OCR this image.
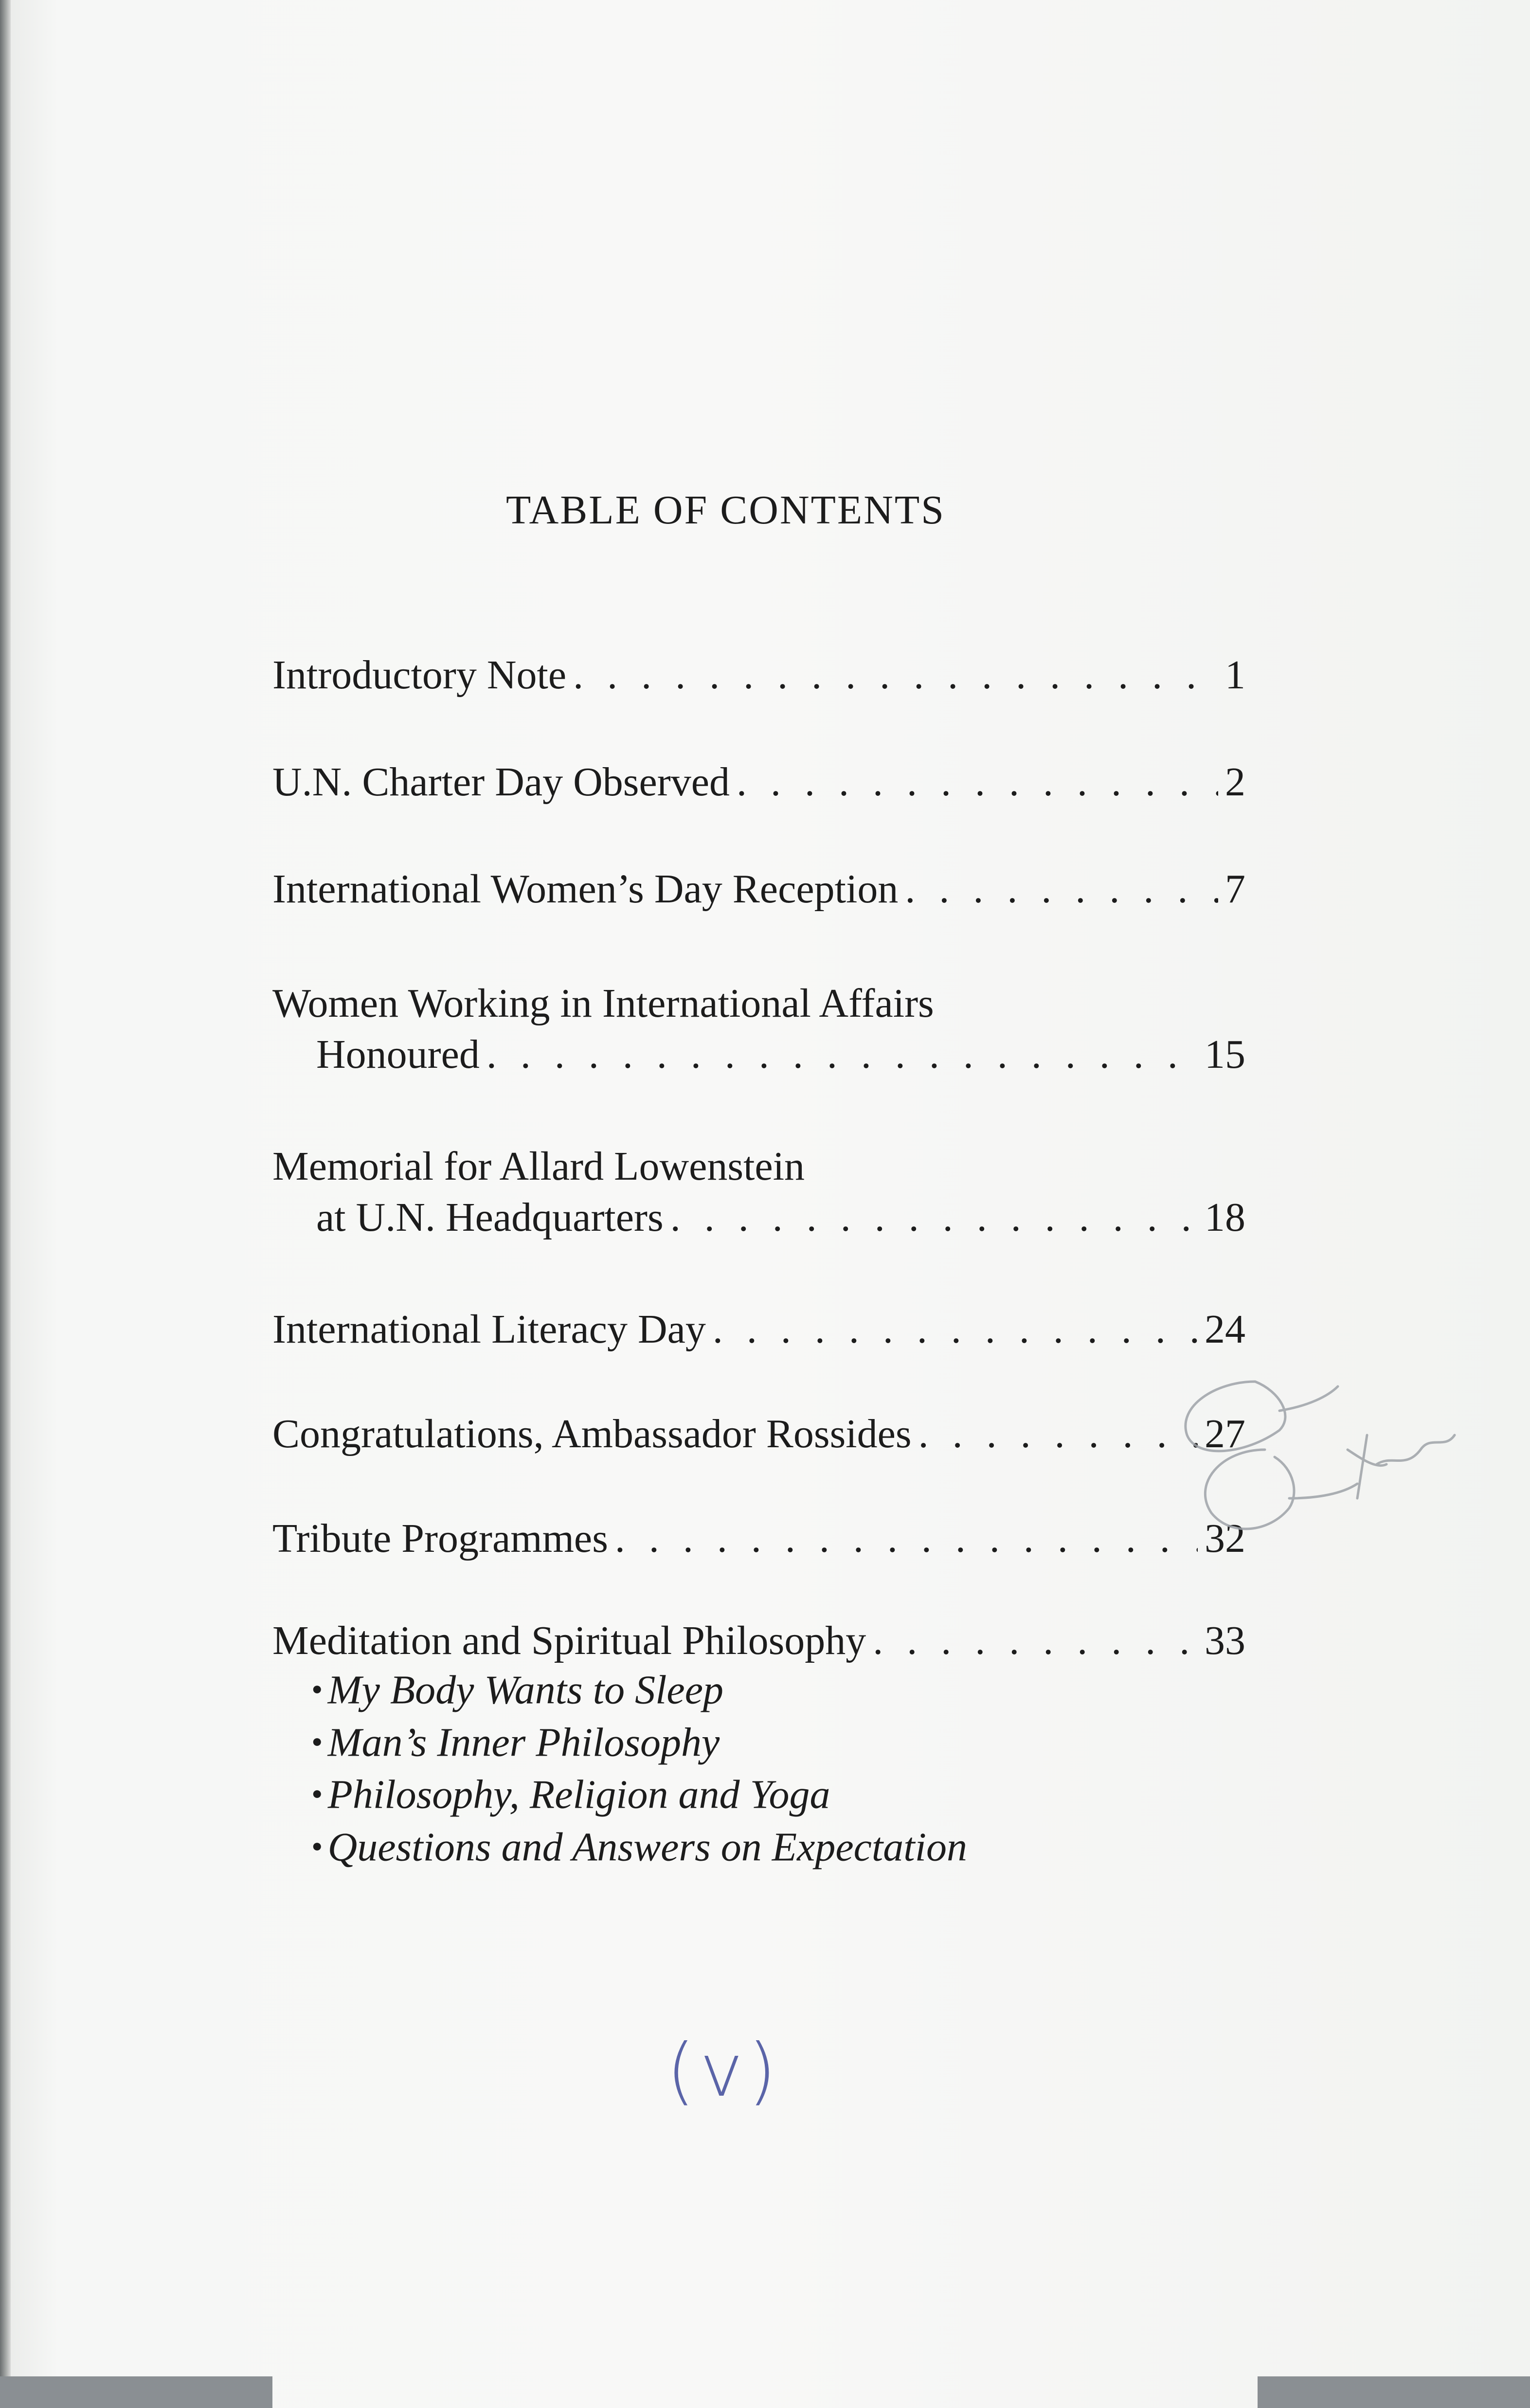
TABLE OF CONTENTS
Introductory Note . . .	1
U.N. Charter Day Observed . . .	2
International Women’s Day Reception . . .	7
Women Working in International Affairs
Honoured . . .	15
Memorial for Allard Lowenstein
at U.N. Headquarters . . .	18
International Literacy Day . . .	24
Congratulations, Ambassador Rossides . . .	27
Tribute Programmes . . .	32
Meditation and Spiritual Philosophy . . .	33
• My Body Wants to Sleep
• Man’s Inner Philosophy
• Philosophy, Religion and Yoga
• Questions and Answers on Expectation
(v)
